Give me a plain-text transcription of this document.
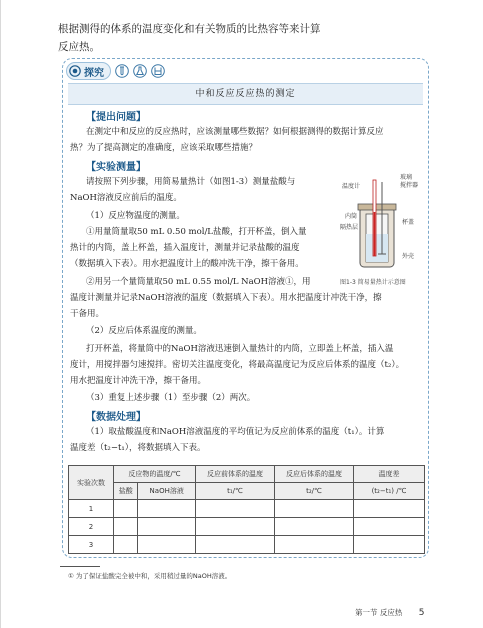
根据测得的体系的温度变化和有关物质的比热容等来计算
反应热。
探究
中和反应反应热的测定
【提出问题】
在测定中和反应的反应热时，应该测量哪些数据？如何根据测得的数据计算反应
热？为了提高测定的准确度，应该采取哪些措施？
【实验测量】
请按照下列步骤，用简易量热计（如图1-3）测量盐酸与
NaOH溶液反应前后的温度。
（1）反应物温度的测量。
①用量筒量取50 mL 0.50 mol/L盐酸，打开杯盖，倒入量
热计的内筒，盖上杯盖，插入温度计，测量并记录盐酸的温度
（数据填入下表）。用水把温度计上的酸冲洗干净，擦干备用。
②用另一个量筒量取50 mL 0.55 mol/L NaOH溶液①，用
温度计测量并记录NaOH溶液的温度（数据填入下表）。用水把温度计冲洗干净，擦
干备用。
（2）反应后体系温度的测量。
打开杯盖，将量筒中的NaOH溶液迅速倒入量热计的内筒，立即盖上杯盖，插入温
度计，用搅拌器匀速搅拌。密切关注温度变化，将最高温度记为反应后体系的温度（t₂）。
用水把温度计冲洗干净，擦干备用。
（3）重复上述步骤（1）至步骤（2）两次。
【数据处理】
（1）取盐酸温度和NaOH溶液温度的平均值记为反应前体系的温度（t₁）。计算
温度差（t₂−t₁），将数据填入下表。
温度计
玻璃
搅拌器
内筒
隔热层
杯盖
外壳
图1-3 简易量热计示意图
实验次数	反应物的温度/℃		反应前体系的温度	反应后体系的温度	温度差
	盐酸	NaOH溶液	t₁/℃	t₂/℃	(t₂−t₁) /℃
1					
2					
3					
① 为了保证盐酸完全被中和，采用稍过量的NaOH溶液。
第一节 反应热 5
